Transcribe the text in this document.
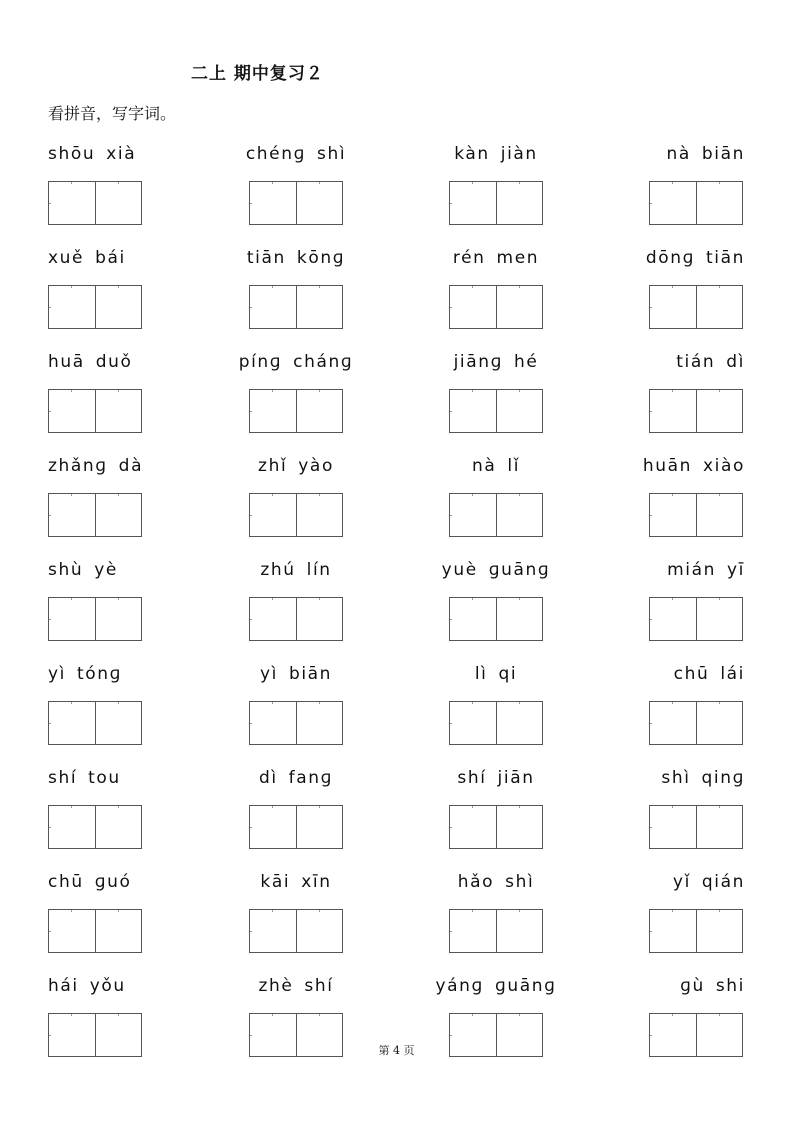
二上 期中复习２
看拼音，写字词。
shōu xià	chénɡ shì	kàn jiàn	nà biān
xuě bái	tiān kōnɡ	rén men	dōnɡ tiān
huā duǒ	pínɡ chánɡ	jiānɡ hé	tián dì
zhǎnɡ dà	zhǐ yào	nà lǐ	huān xiào
shù yè	zhú lín	yuè ɡuānɡ	mián yī
yì tónɡ	yì biān	lì qi	chū lái
shí tou	dì fanɡ	shí jiān	shì qinɡ
chū ɡuó	kāi xīn	hǎo shì	yǐ qián
hái yǒu	zhè shí	yánɡ ɡuānɡ	ɡù shi
第 4 页
